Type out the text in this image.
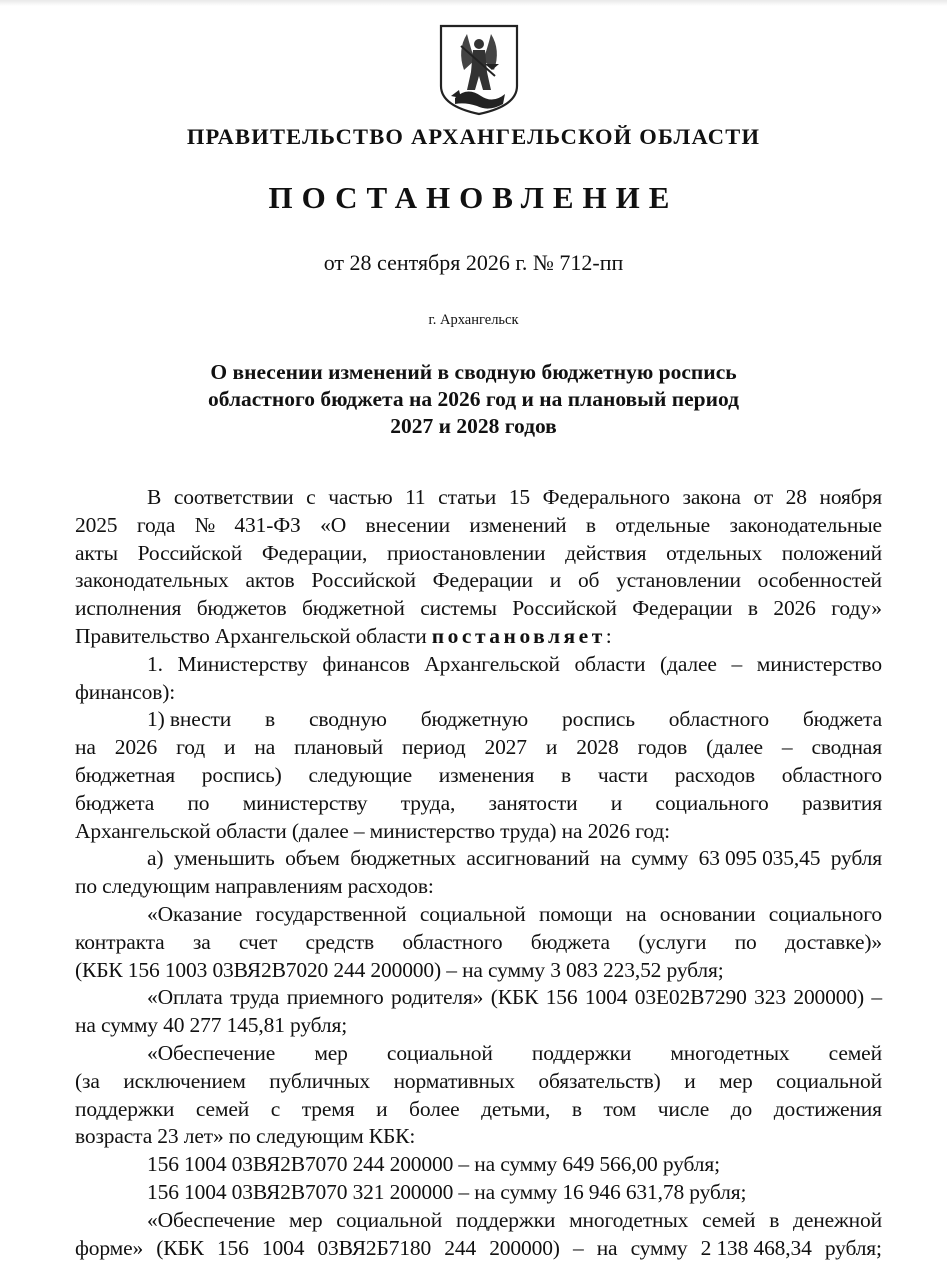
ПРАВИТЕЛЬСТВО АРХАНГЕЛЬСКОЙ ОБЛАСТИ
ПОСТАНОВЛЕНИЕ
от 28 сентября 2026 г. № 712-пп
г. Архангельск
О внесении изменений в сводную бюджетную роспись
областного бюджета на 2026 год и на плановый период
2027 и 2028 годов
В соответствии с частью 11 статьи 15 Федерального закона от 28 ноября
2025 года № 431-ФЗ «О внесении изменений в отдельные законодательные
акты Российской Федерации, приостановлении действия отдельных положений
законодательных актов Российской Федерации и об установлении особенностей
исполнения бюджетов бюджетной системы Российской Федерации в 2026 году»
Правительство Архангельской области постановляет :
1. Министерству финансов Архангельской области (далее – министерство
финансов):
1) внести в сводную бюджетную роспись областного бюджета
на 2026 год и на плановый период 2027 и 2028 годов (далее – сводная
бюджетная роспись) следующие изменения в части расходов областного
бюджета по министерству труда, занятости и социального развития
Архангельской области (далее – министерство труда) на 2026 год:
а) уменьшить объем бюджетных ассигнований на сумму 63 095 035,45 рубля
по следующим направлениям расходов:
«Оказание государственной социальной помощи на основании социального
контракта за счет средств областного бюджета (услуги по доставке)»
(КБК 156 1003 03ВЯ2В7020 244 200000) – на сумму 3 083 223,52 рубля;
«Оплата труда приемного родителя» (КБК 156 1004 03Е02В7290 323 200000) –
на сумму 40 277 145,81 рубля;
«Обеспечение мер социальной поддержки многодетных семей
(за исключением публичных нормативных обязательств) и мер социальной
поддержки семей с тремя и более детьми, в том числе до достижения
возраста 23 лет» по следующим КБК:
156 1004 03ВЯ2В7070 244 200000 – на сумму 649 566,00 рубля;
156 1004 03ВЯ2В7070 321 200000 – на сумму 16 946 631,78 рубля;
«Обеспечение мер социальной поддержки многодетных семей в денежной
форме» (КБК 156 1004 03ВЯ2Б7180 244 200000) – на сумму 2 138 468,34 рубля;
